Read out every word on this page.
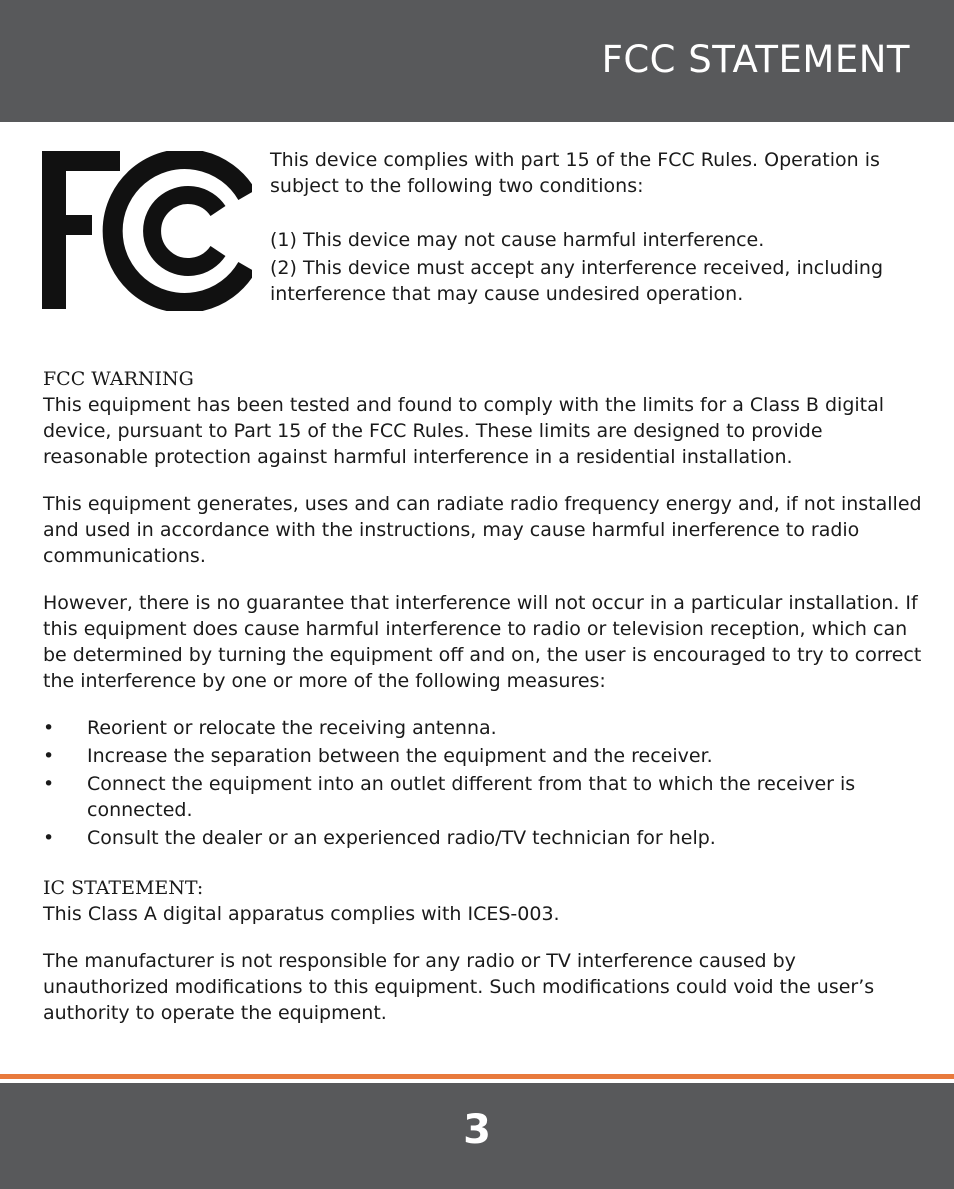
FCC STATEMENT

This device complies with part 15 of the FCC Rules. Operation is subject to the following two conditions:

(1) This device may not cause harmful interference.

(2) This device must accept any interference received, including interference that may cause undesired operation.

FCC WARNING

This equipment has been tested and found to comply with the limits for a Class B digital device, pursuant to Part 15 of the FCC Rules. These limits are designed to provide reasonable protection against harmful interference in a residential installation.

This equipment generates, uses and can radiate radio frequency energy and, if not installed and used in accordance with the instructions, may cause harmful inerference to radio communications.

However, there is no guarantee that interference will not occur in a particular installation. If this equipment does cause harmful interference to radio or television reception, which can be determined by turning the equipment off and on, the user is encouraged to try to correct the interference by one or more of the following measures:

• Reorient or relocate the receiving antenna.
• Increase the separation between the equipment and the receiver.
• Connect the equipment into an outlet different from that to which the receiver is connected.
• Consult the dealer or an experienced radio/TV technician for help.
IC STATEMENT:

This Class A digital apparatus complies with ICES-003.

The manufacturer is not responsible for any radio or TV interference caused by unauthorized modifications to this equipment. Such modifications could void the user’s authority to operate the equipment.

3
